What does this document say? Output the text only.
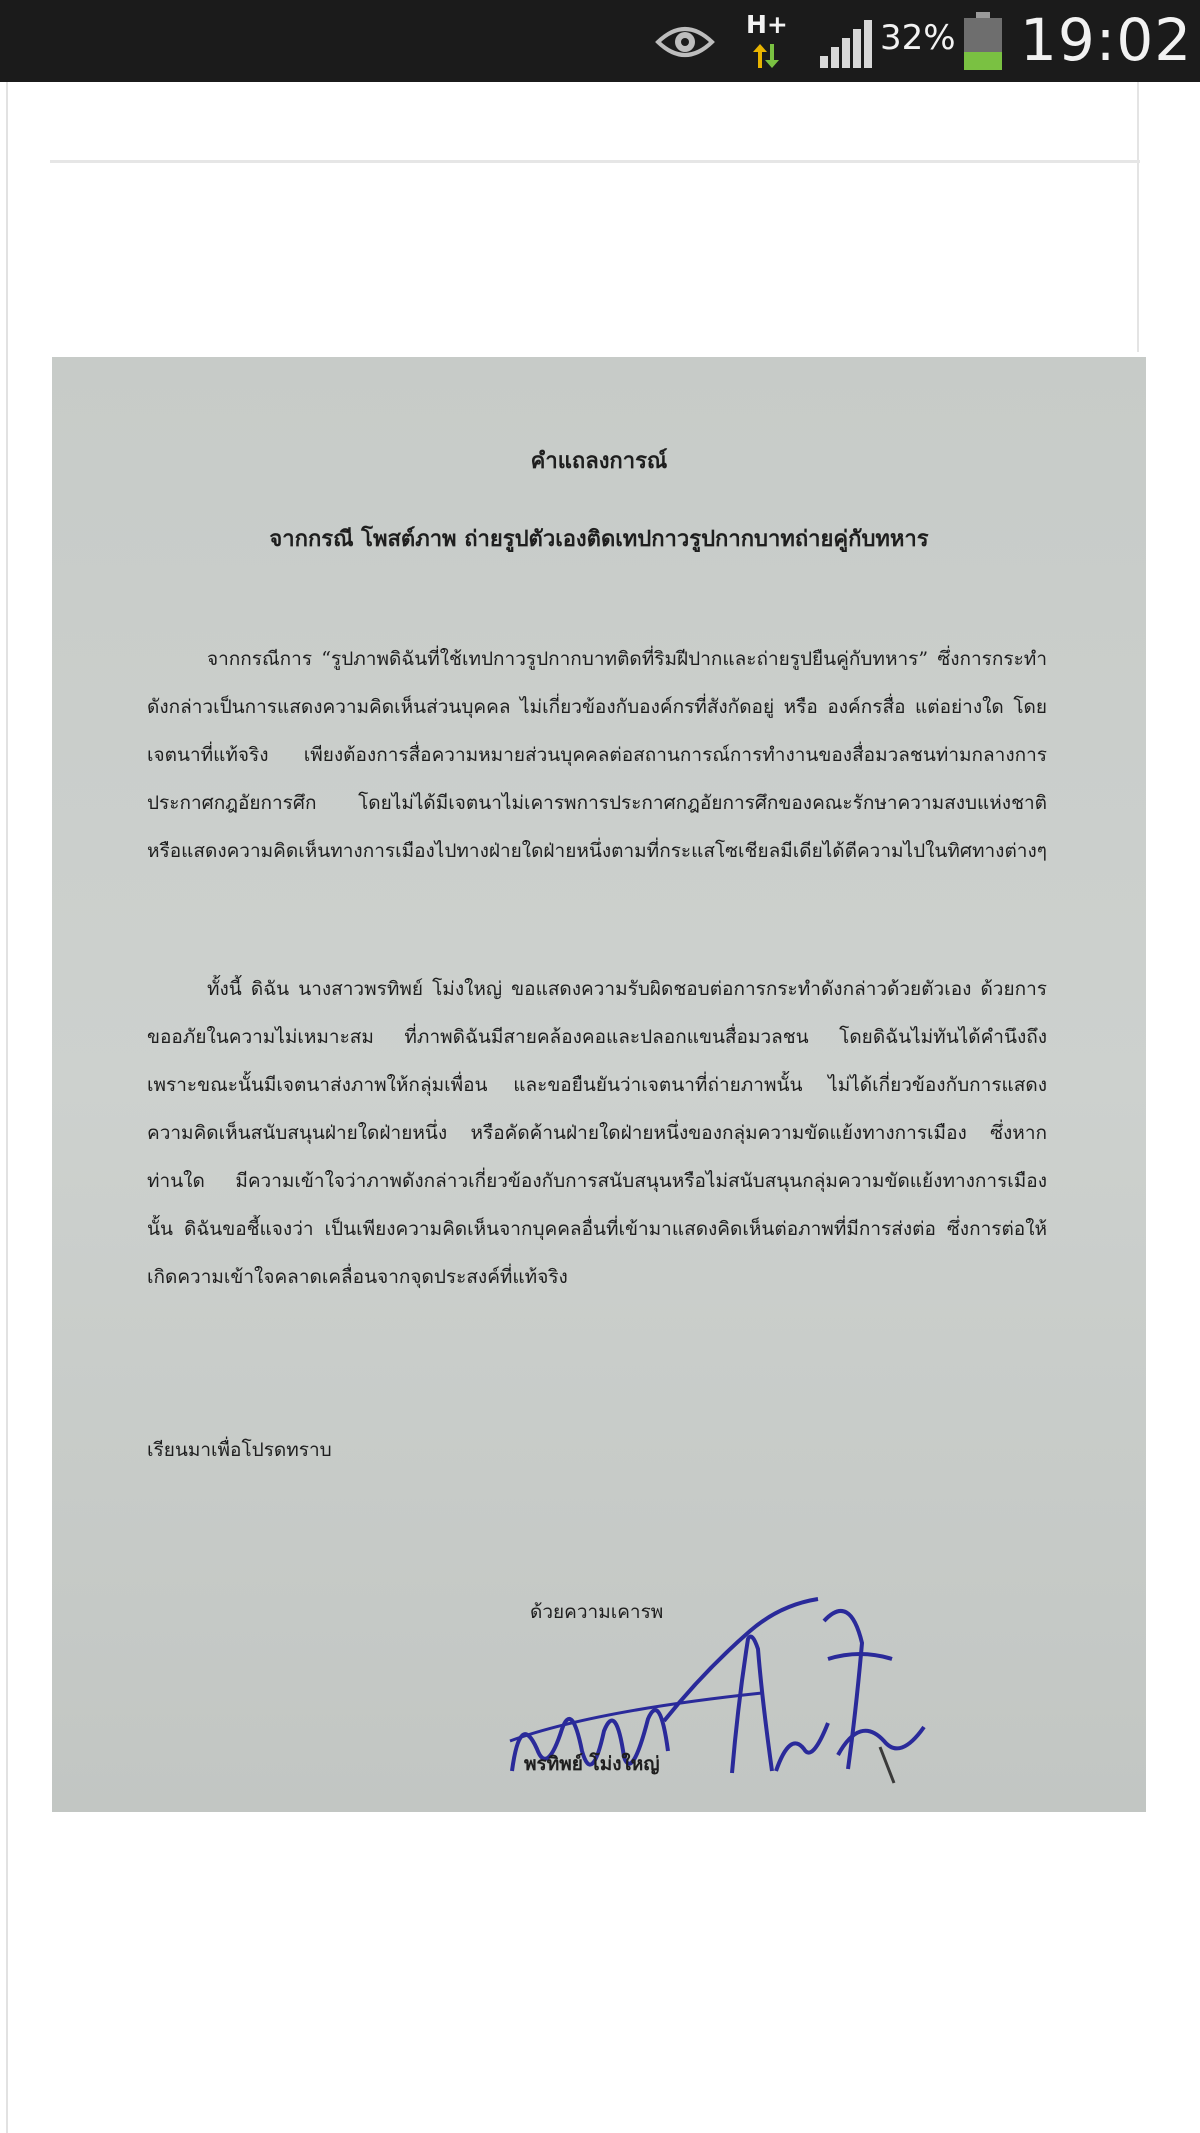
H+	32% 19:02
คำแถลงการณ์
จากกรณี โพสต์ภาพ ถ่ายรูปตัวเองติดเทปกาวรูปกากบาทถ่ายคู่กับทหาร
จากกรณีการ “รูปภาพดิฉันที่ใช้เทปกาวรูปกากบาทติดที่ริมฝีปากและถ่ายรูปยืนคู่กับทหาร” ซึ่งการกระทำดังกล่าวเป็นการแสดงความคิดเห็นส่วนบุคคล ไม่เกี่ยวข้องกับองค์กรที่สังกัดอยู่ หรือ องค์กรสื่อ แต่อย่างใด โดยเจตนาที่แท้จริง เพียงต้องการสื่อความหมายส่วนบุคคลต่อสถานการณ์การทำงานของสื่อมวลชนท่ามกลางการประกาศกฎอัยการศึก โดยไม่ได้มีเจตนาไม่เคารพการประกาศกฎอัยการศึกของคณะรักษาความสงบแห่งชาติ หรือแสดงความคิดเห็นทางการเมืองไปทางฝ่ายใดฝ่ายหนึ่งตามที่กระแสโซเชียลมีเดียได้ตีความไปในทิศทางต่างๆ
ทั้งนี้ ดิฉัน นางสาวพรทิพย์ โม่งใหญ่ ขอแสดงความรับผิดชอบต่อการกระทำดังกล่าวด้วยตัวเอง ด้วยการขออภัยในความไม่เหมาะสม ที่ภาพดิฉันมีสายคล้องคอและปลอกแขนสื่อมวลชน โดยดิฉันไม่ทันได้คำนึงถึง เพราะขณะนั้นมีเจตนาส่งภาพให้กลุ่มเพื่อน และขอยืนยันว่าเจตนาที่ถ่ายภาพนั้น ไม่ได้เกี่ยวข้องกับการแสดงความคิดเห็นสนับสนุนฝ่ายใดฝ่ายหนึ่ง หรือคัดค้านฝ่ายใดฝ่ายหนึ่งของกลุ่มความขัดแย้งทางการเมือง ซึ่งหากท่านใด มีความเข้าใจว่าภาพดังกล่าวเกี่ยวข้องกับการสนับสนุนหรือไม่สนับสนุนกลุ่มความขัดแย้งทางการเมืองนั้น ดิฉันขอชี้แจงว่า เป็นเพียงความคิดเห็นจากบุคคลอื่นที่เข้ามาแสดงคิดเห็นต่อภาพที่มีการส่งต่อ ซึ่งการต่อให้เกิดความเข้าใจคลาดเคลื่อนจากจุดประสงค์ที่แท้จริง
เรียนมาเพื่อโปรดทราบ
ด้วยความเคารพ
พรทิพย์ โม่งใหญ่
